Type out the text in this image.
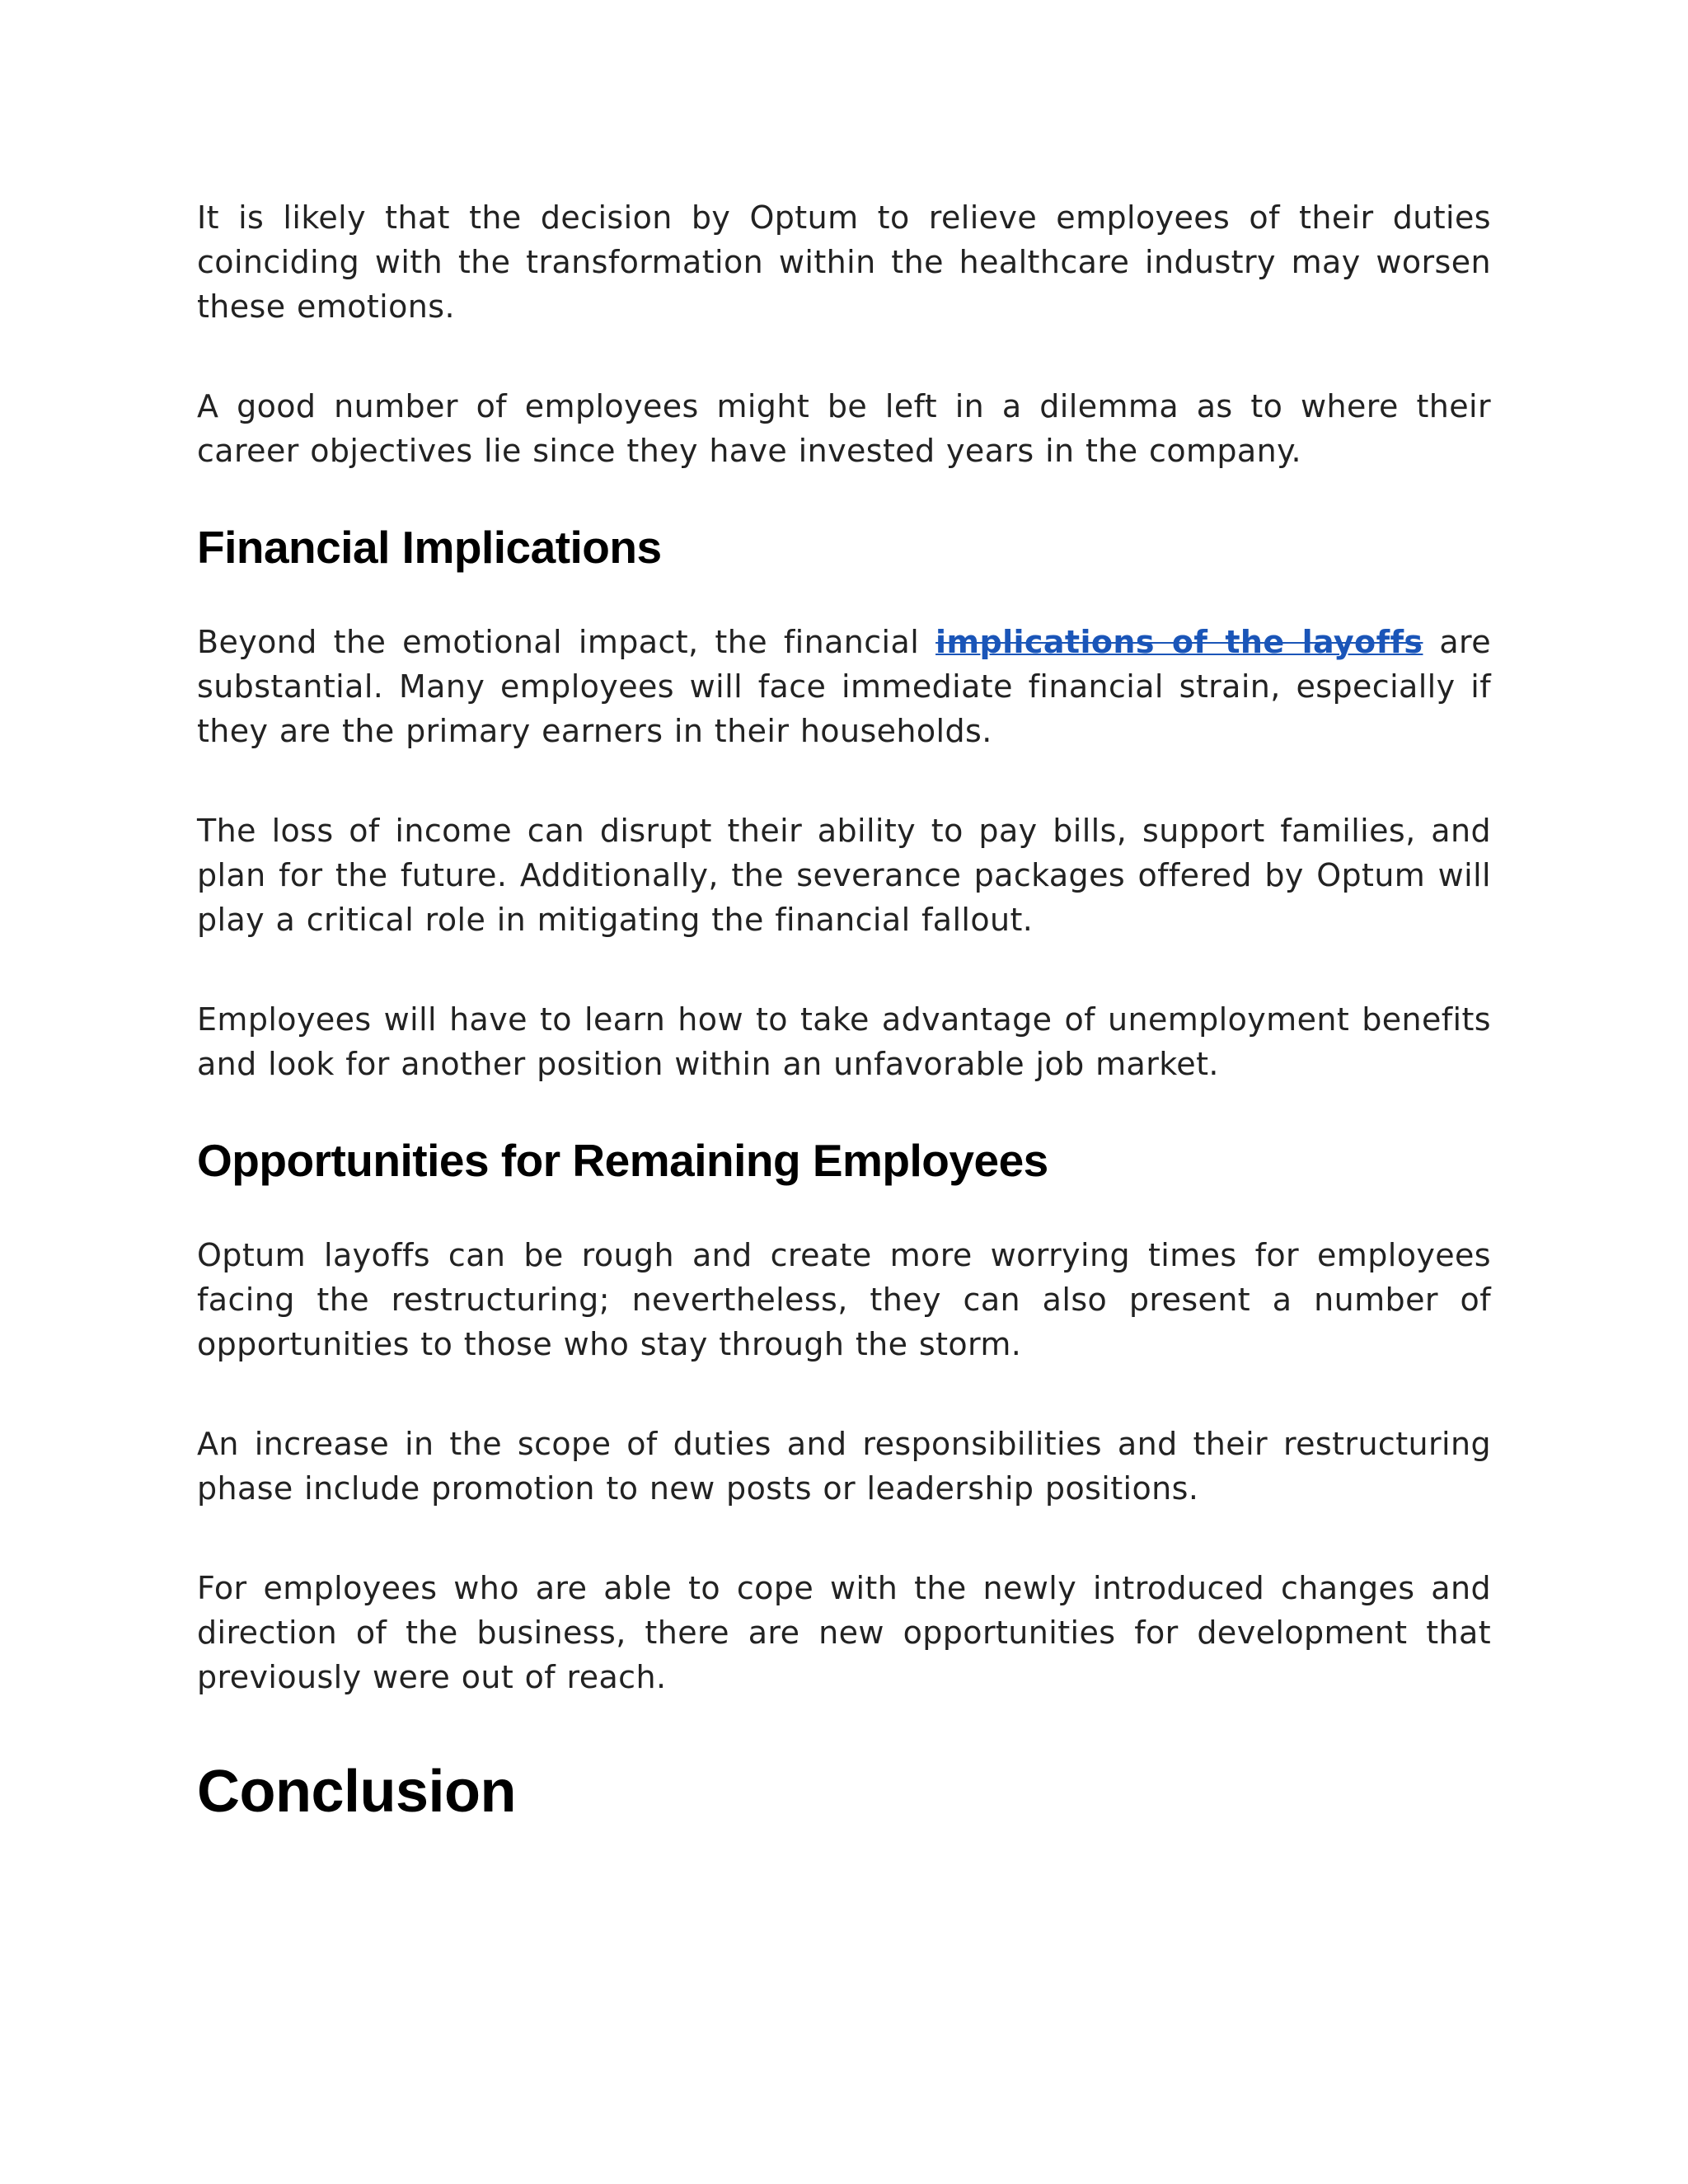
It is likely that the decision by Optum to relieve employees of their duties coinciding with the transformation within the healthcare industry may worsen these emotions.

A good number of employees might be left in a dilemma as to where their career objectives lie since they have invested years in the company.

Financial Implications

Beyond the emotional impact, the financial implications of the layoffs are substantial. Many employees will face immediate financial strain, especially if they are the primary earners in their households.

The loss of income can disrupt their ability to pay bills, support families, and plan for the future. Additionally, the severance packages offered by Optum will play a critical role in mitigating the financial fallout.

Employees will have to learn how to take advantage of unemployment benefits and look for another position within an unfavorable job market.

Opportunities for Remaining Employees

Optum layoffs can be rough and create more worrying times for employees facing the restructuring; nevertheless, they can also present a number of opportunities to those who stay through the storm.

An increase in the scope of duties and responsibilities and their restructuring phase include promotion to new posts or leadership positions.

For employees who are able to cope with the newly introduced changes and direction of the business, there are new opportunities for development that previously were out of reach.

Conclusion
